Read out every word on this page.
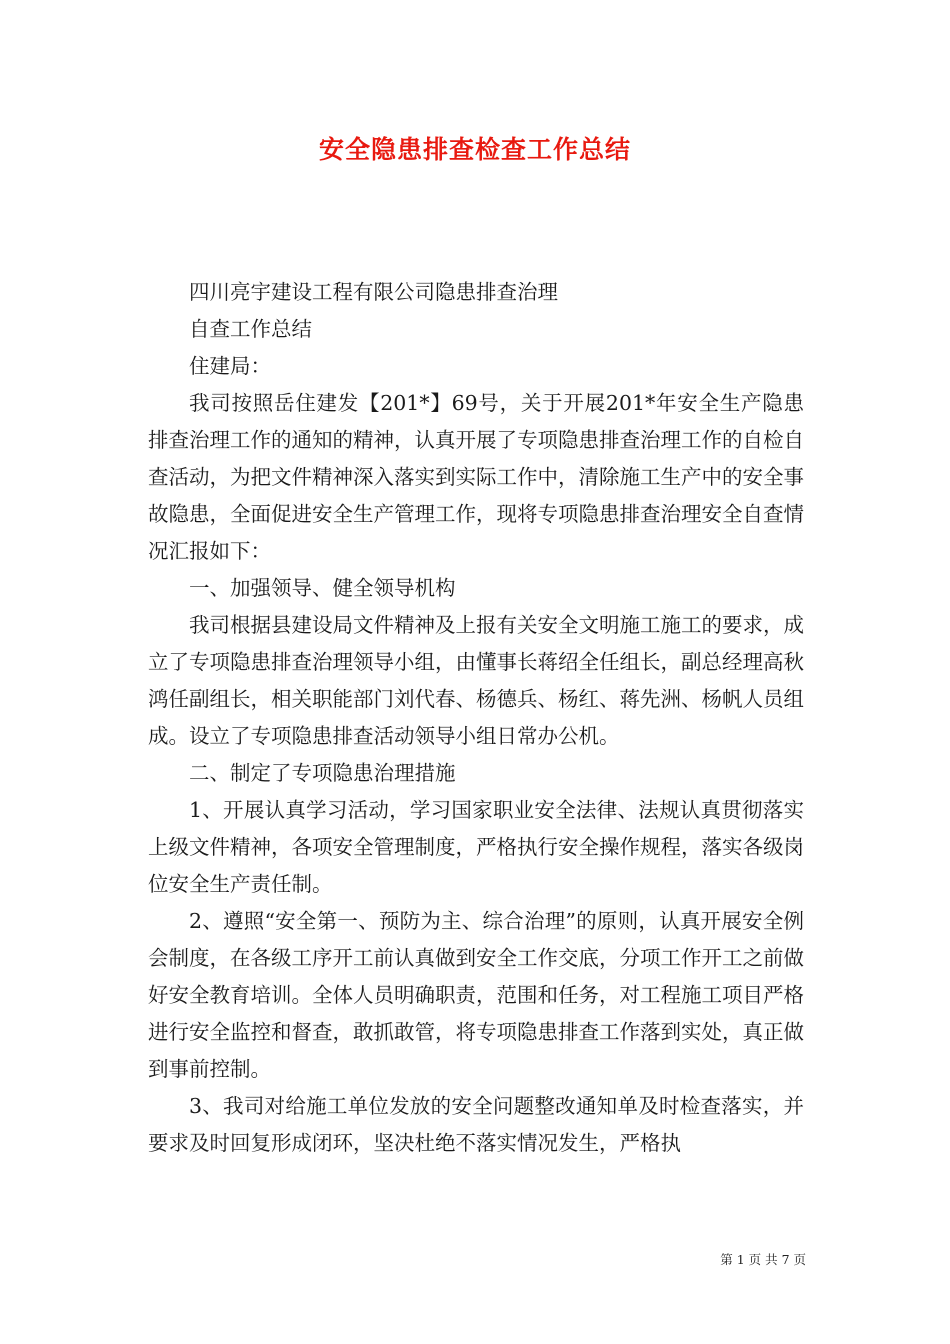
安全隐患排查检查工作总结

四川亮宇建设工程有限公司隐患排查治理

自查工作总结

住建局：

我司按照岳住建发【201*】69号，关于开展201*年安全生产隐患排查治理工作的通知的精神，认真开展了专项隐患排查治理工作的自检自查活动，为把文件精神深入落实到实际工作中，清除施工生产中的安全事故隐患，全面促进安全生产管理工作，现将专项隐患排查治理安全自查情况汇报如下：

一、加强领导、健全领导机构

我司根据县建设局文件精神及上报有关安全文明施工施工的要求，成立了专项隐患排查治理领导小组，由懂事长蒋绍全任组长，副总经理高秋鸿任副组长，相关职能部门刘代春、杨德兵、杨红、蒋先洲、杨帆人员组成。设立了专项隐患排查活动领导小组日常办公机。

二、制定了专项隐患治理措施

1、开展认真学习活动，学习国家职业安全法律、法规认真贯彻落实上级文件精神，各项安全管理制度，严格执行安全操作规程，落实各级岗位安全生产责任制。

2、遵照“安全第一、预防为主、综合治理”的原则，认真开展安全例会制度，在各级工序开工前认真做到安全工作交底，分项工作开工之前做好安全教育培训。全体人员明确职责，范围和任务，对工程施工项目严格进行安全监控和督查，敢抓敢管，将专项隐患排查工作落到实处，真正做到事前控制。

3、我司对给施工单位发放的安全问题整改通知单及时检查落实，并要求及时回复形成闭环，坚决杜绝不落实情况发生，严格执

第 1 页 共 7 页
